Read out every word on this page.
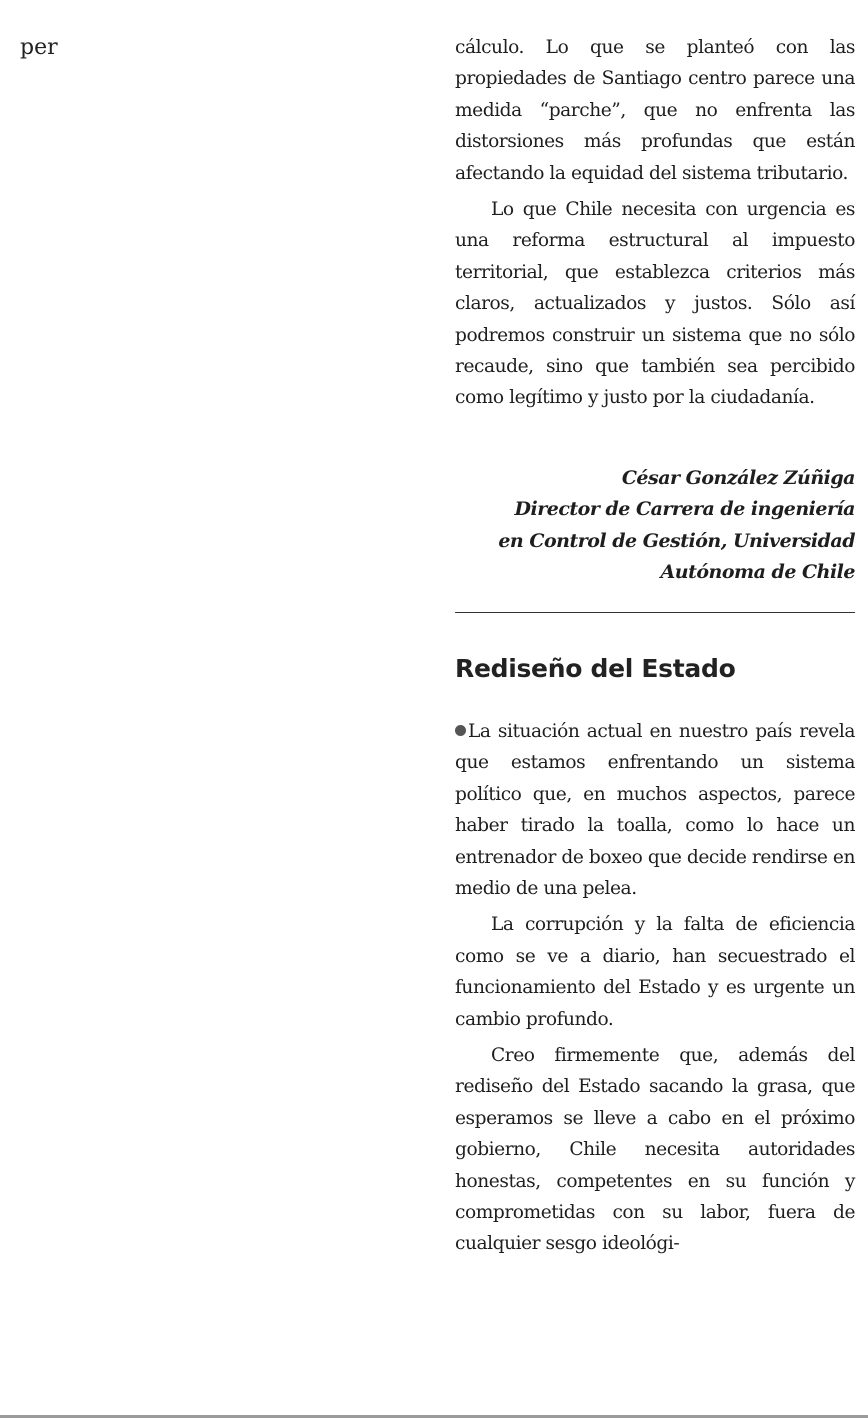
per	cálculo. Lo que se planteó con las propiedades de Santiago centro parece una medida “parche”, que no enfrenta las distorsiones más profundas que están afectando la equidad del sistema tributario.

Lo que Chile necesita con urgencia es una reforma estructural al impuesto territorial, que establezca criterios más claros, actualizados y justos. Sólo así podremos construir un sistema que no sólo recaude, sino que también sea percibido como legítimo y justo por la ciudadanía.

César González Zúñiga
Director de Carrera de ingeniería
en Control de Gestión, Universidad
Autónoma de Chile
Rediseño del Estado

La situación actual en nuestro país revela que estamos enfrentando un sistema político que, en muchos aspectos, parece haber tirado la toalla, como lo hace un entrenador de boxeo que decide rendirse en medio de una pelea.

La corrupción y la falta de eficiencia como se ve a diario, han secuestrado el funcionamiento del Estado y es urgente un cambio profundo.

Creo firmemente que, además del rediseño del Estado sacando la grasa, que esperamos se lleve a cabo en el próximo gobierno, Chile necesita autoridades honestas, competentes en su función y comprometidas con su labor, fuera de cualquier sesgo ideológi-
